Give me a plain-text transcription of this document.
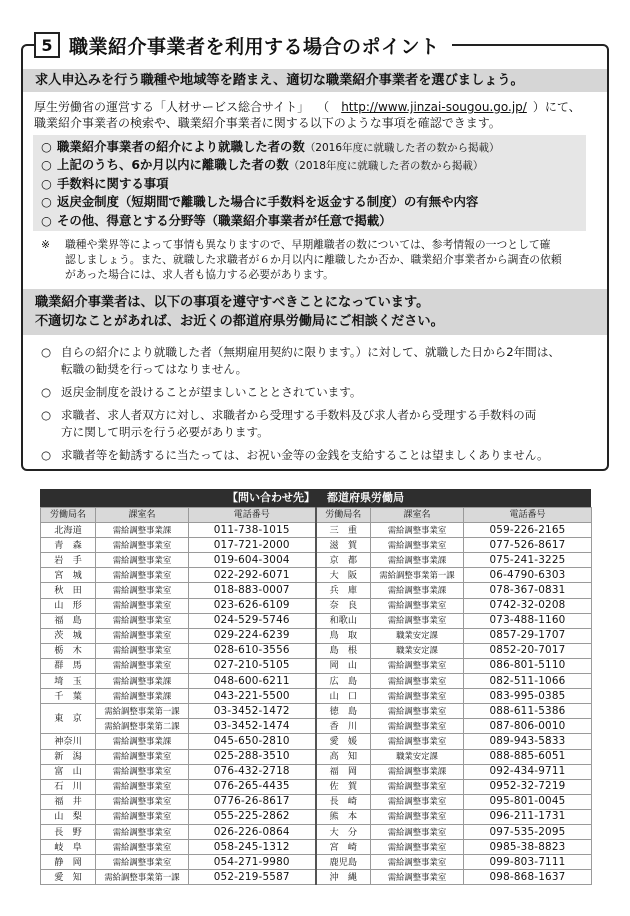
5 職業紹介事業者を利用する場合のポイント
求人申込みを行う職種や地域等を踏まえ、適切な職業紹介事業者を選びましょう。
厚生労働省の運営する「人材サービス総合サイト」 （ http://www.jinzai-sougou.go.jp/ ）にて、
職業紹介事業者の検索や、職業紹介事業者に関する以下のような事項を確認できます。
○ 職業紹介事業者の紹介により就職した者の数（2016年度に就職した者の数から掲載）
○ 上記のうち、6か月以内に離職した者の数（2018年度に就職した者の数から掲載）
○ 手数料に関する事項
○ 返戻金制度（短期間で離職した場合に手数料を返金する制度）の有無や内容
○ その他、得意とする分野等（職業紹介事業者が任意で掲載）
※ 職種や業界等によって事情も異なりますので、早期離職者の数については、参考情報の一つとして確
認しましょう。また、就職した求職者が６か月以内に離職したか否か、職業紹介事業者から調査の依頼
があった場合には、求人者も協力する必要があります。
職業紹介事業者は、以下の事項を遵守すべきことになっています。
不適切なことがあれば、お近くの都道府県労働局にご相談ください。
○ 自らの紹介により就職した者（無期雇用契約に限ります。）に対して、就職した日から2年間は、
転職の勧奨を行ってはなりません。
○ 返戻金制度を設けることが望ましいこととされています。
○ 求職者、求人者双方に対し、求職者から受理する手数料及び求人者から受理する手数料の両
方に関して明示を行う必要があります。
○ 求職者等を勧誘するに当たっては、お祝い金等の金銭を支給することは望ましくありません。
【問い合わせ先】 都道府県労働局
労働局名	課室名	電話番号	労働局名	課室名	電話番号
北海道	需給調整事業課	011-738-1015	三　重	需給調整事業室	059-226-2165
青　森	需給調整事業室	017-721-2000	滋　賀	需給調整事業室	077-526-8617
岩　手	需給調整事業室	019-604-3004	京　都	需給調整事業課	075-241-3225
宮　城	需給調整事業室	022-292-6071	大　阪	需給調整事業第一課	06-4790-6303
秋　田	需給調整事業室	018-883-0007	兵　庫	需給調整事業課	078-367-0831
山　形	需給調整事業室	023-626-6109	奈　良	需給調整事業室	0742-32-0208
福　島	需給調整事業室	024-529-5746	和歌山	需給調整事業室	073-488-1160
茨　城	需給調整事業室	029-224-6239	鳥　取	職業安定課	0857-29-1707
栃　木	需給調整事業室	028-610-3556	島　根	職業安定課	0852-20-7017
群　馬	需給調整事業室	027-210-5105	岡　山	需給調整事業室	086-801-5110
埼　玉	需給調整事業課	048-600-6211	広　島	需給調整事業室	082-511-1066
千　葉	需給調整事業課	043-221-5500	山　口	需給調整事業室	083-995-0385
東　京	需給調整事業第一課	03-3452-1472	徳　島	需給調整事業室	088-611-5386
	需給調整事業第二課	03-3452-1474	香　川	需給調整事業室	087-806-0010
神奈川	需給調整事業課	045-650-2810	愛　媛	需給調整事業室	089-943-5833
新　潟	需給調整事業室	025-288-3510	高　知	職業安定課	088-885-6051
富　山	需給調整事業室	076-432-2718	福　岡	需給調整事業課	092-434-9711
石　川	需給調整事業室	076-265-4435	佐　賀	需給調整事業室	0952-32-7219
福　井	需給調整事業室	0776-26-8617	長　崎	需給調整事業室	095-801-0045
山　梨	需給調整事業室	055-225-2862	熊　本	需給調整事業室	096-211-1731
長　野	需給調整事業室	026-226-0864	大　分	需給調整事業室	097-535-2095
岐　阜	需給調整事業室	058-245-1312	宮　崎	需給調整事業室	0985-38-8823
静　岡	需給調整事業室	054-271-9980	鹿児島	需給調整事業室	099-803-7111
愛　知	需給調整事業第一課	052-219-5587	沖　縄	需給調整事業室	098-868-1637
